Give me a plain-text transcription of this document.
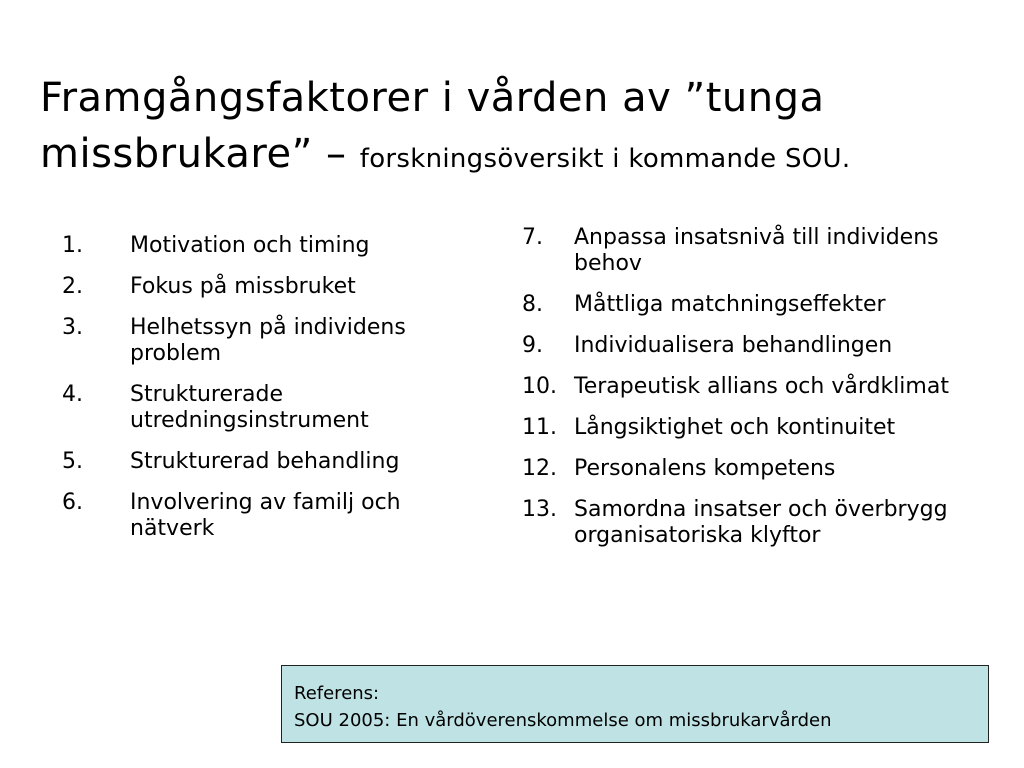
Framgångsfaktorer i vården av ”tunga missbrukare” – forskningsöversikt i kommande SOU.
1.	Motivation och timing
2.	Fokus på missbruket
3.	Helhetssyn på individens problem
4.	Strukturerade utredningsinstrument
5.	Strukturerad behandling
6.	Involvering av familj och nätverk
7.	Anpassa insatsnivå till individens behov
8.	Måttliga matchningseffekter
9.	Individualisera behandlingen
10. Terapeutisk allians och vårdklimat
11. Långsiktighet och kontinuitet
12. Personalens kompetens
13. Samordna insatser och överbrygg organisatoriska klyftor
Referens:
SOU 2005: En vårdöverenskommelse om missbrukarvården
